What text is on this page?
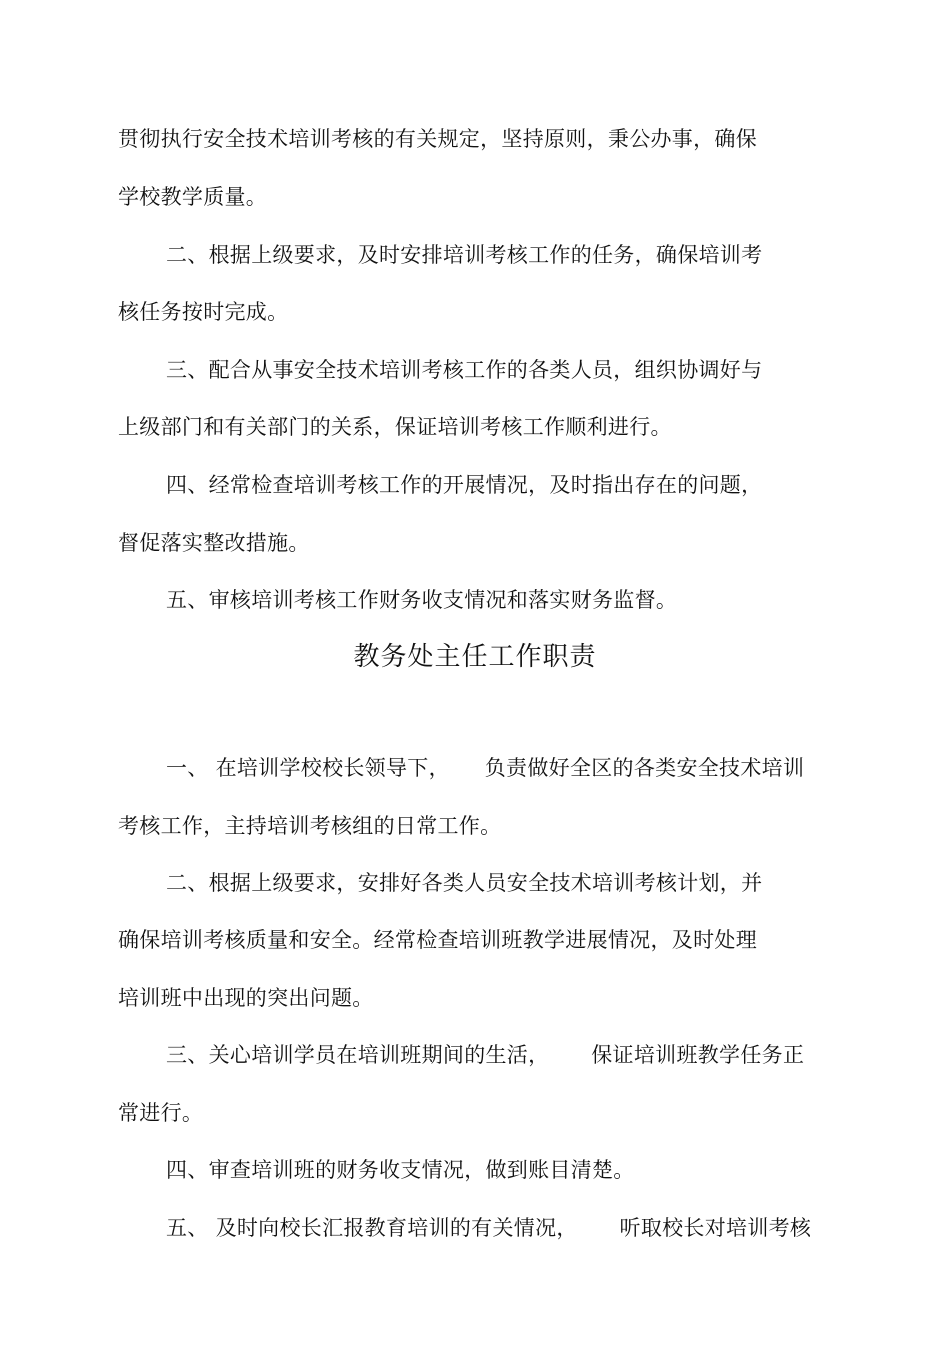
贯彻执行安全技术培训考核的有关规定，坚持原则，秉公办事，确保
学校教学质量。
二、根据上级要求，及时安排培训考核工作的任务，确保培训考
核任务按时完成。
三、配合从事安全技术培训考核工作的各类人员，组织协调好与
上级部门和有关部门的关系，保证培训考核工作顺利进行。
四、经常检查培训考核工作的开展情况，及时指出存在的问题，
督促落实整改措施。
五、审核培训考核工作财务收支情况和落实财务监督。
教务处主任工作职责
一、 在培训学校校长领导下，     负责做好全区的各类安全技术培训
考核工作，主持培训考核组的日常工作。
二、根据上级要求，安排好各类人员安全技术培训考核计划，并
确保培训考核质量和安全。经常检查培训班教学进展情况，及时处理
培训班中出现的突出问题。
三、关心培训学员在培训班期间的生活，      保证培训班教学任务正
常进行。
四、审查培训班的财务收支情况，做到账目清楚。
五、 及时向校长汇报教育培训的有关情况，      听取校长对培训考核
